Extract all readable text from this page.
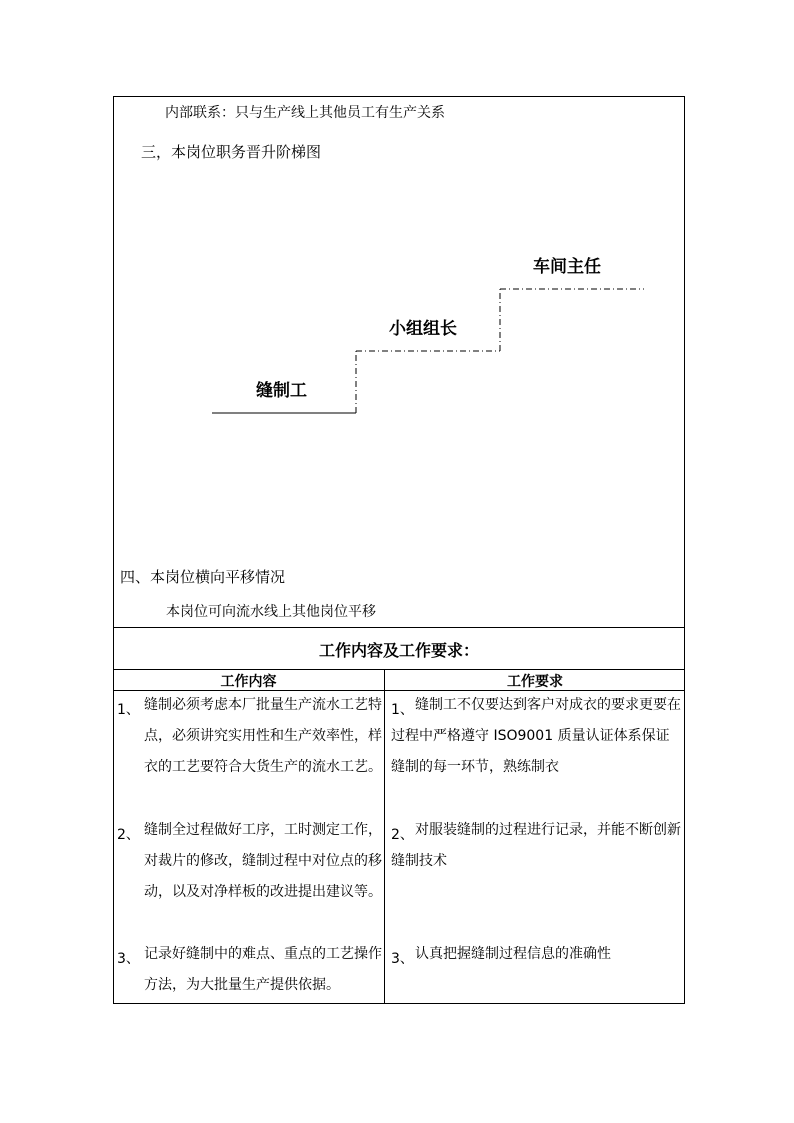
内部联系：只与生产线上其他员工有生产关系
三，本岗位职务晋升阶梯图
缝制工
小组组长
车间主任
四、本岗位横向平移情况
本岗位可向流水线上其他岗位平移
工作内容及工作要求：
工作内容	工作要求
1、 缝制必须考虑本厂批量生产流水工艺特点，必须讲究实用性和生产效率性，样衣的工艺要符合大货生产的流水工艺。
1、 缝制工不仅要达到客户对成衣的要求更要在过程中严格遵守 ISO9001 质量认证体系保证缝制的每一环节，熟练制衣
2、 缝制全过程做好工序，工时测定工作，对裁片的修改，缝制过程中对位点的移动，以及对净样板的改进提出建议等。
2、 对服装缝制的过程进行记录，并能不断创新缝制技术
3、 记录好缝制中的难点、重点的工艺操作方法，为大批量生产提供依据。
3、 认真把握缝制过程信息的准确性
